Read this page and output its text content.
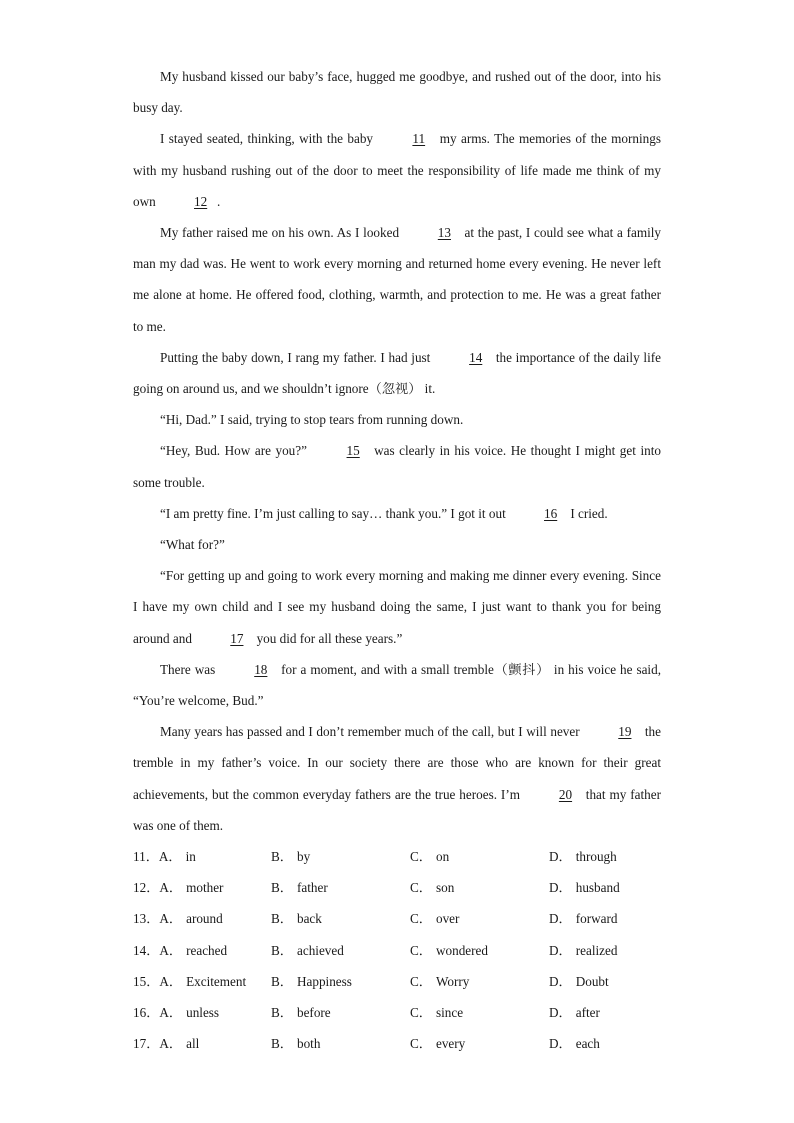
My husband kissed our baby’s face, hugged me goodbye, and rushed out of the door, into his busy day.

I stayed seated, thinking, with the baby	11 my arms. The memories of the mornings with my husband rushing out of the door to meet the responsibility of life made me think of my own	12 .

My father raised me on his own. As I looked	13 at the past, I could see what a family man my dad was. He went to work every morning and returned home every evening. He never left me alone at home. He offered food, clothing, warmth, and protection to me. He was a great father to me.

Putting the baby down, I rang my father. I had just	14 the importance of the daily life going on around us, and we shouldn’t ignore（忽视） it.

“Hi, Dad.” I said, trying to stop tears from running down.

“Hey, Bud. How are you?”	15 was clearly in his voice. He thought I might get into some trouble.

“I am pretty fine. I’m just calling to say… thank you.” I got it out	16 I cried.

“What for?”

“For getting up and going to work every morning and making me dinner every evening. Since I have my own child and I see my husband doing the same, I just want to thank you for being around and	17 you did for all these years.”

There was	18 for a moment, and with a small tremble（颤抖） in his voice he said, “You’re welcome, Bud.”

Many years has passed and I don’t remember much of the call, but I will never	19 the tremble in my father’s voice. In our society there are those who are known for their great achievements, but the common everyday fathers are the true heroes. I’m	20 that my father was one of them.

11．A． in	B． by	C． on	D． through
12．A． mother	B． father	C． son	D． husband
13．A． around	B． back	C． over	D． forward
14．A． reached	B． achieved	C． wondered	D． realized
15．A． Excitement B． Happiness	C． Worry	D． Doubt
16．A． unless	B． before	C． since	D． after
17．A． all	B． both	C． every	D． each
